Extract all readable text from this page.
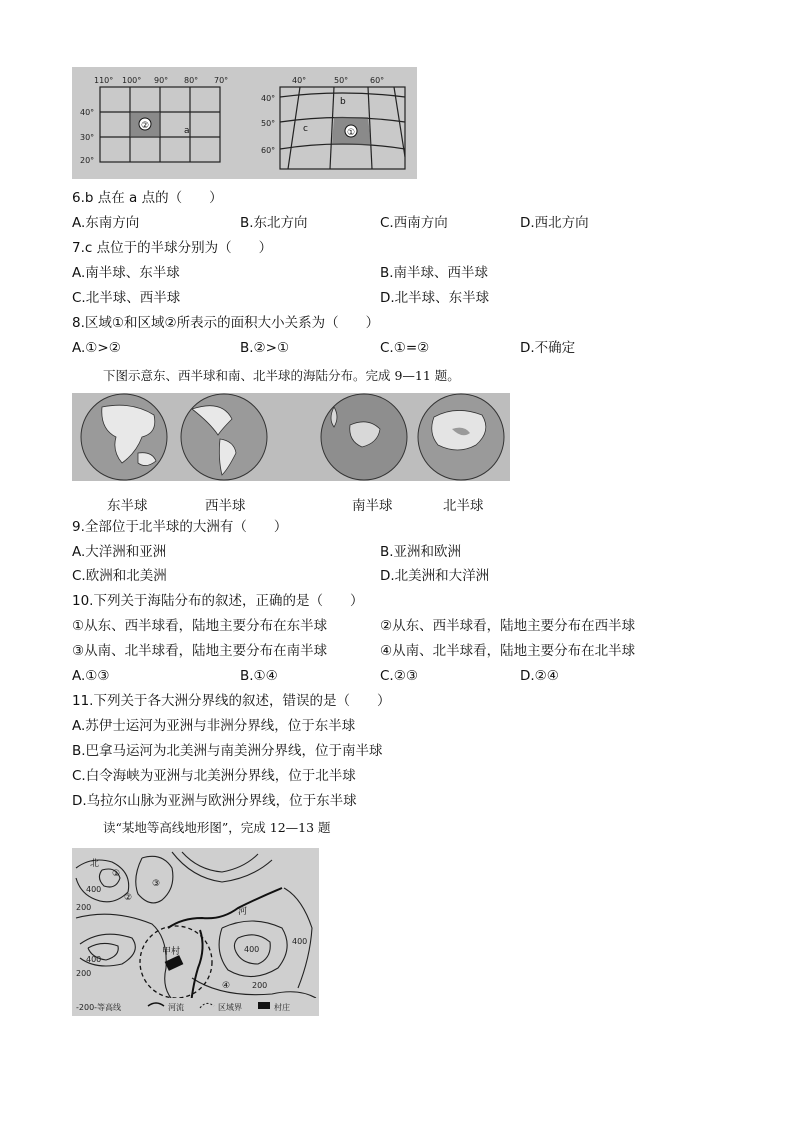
②	a
110° 100° 90° 80° 70°
40°
30°
20°
①
b
c
40°	50°	60°
40°
50°
60°
6.b 点在 a 点的（　　）
A.东南方向	B.东北方向	C.西南方向	D.西北方向
7.c 点位于的半球分别为（　　）
A.南半球、东半球	B.南半球、西半球
C.北半球、西半球	D.北半球、东半球
8.区域①和区域②所表示的面积大小关系为（　　）
A.①>②	B.②>①	C.①=②	D.不确定
下图示意东、西半球和南、北半球的海陆分布。完成 9—11 题。
东半球	西半球	南半球	北半球
9.全部位于北半球的大洲有（　　）
A.大洋洲和亚洲	B.亚洲和欧洲
C.欧洲和北美洲	D.北美洲和大洋洲
10.下列关于海陆分布的叙述，正确的是（　　）
①从东、西半球看，陆地主要分布在东半球	②从东、西半球看，陆地主要分布在西半球
③从南、北半球看，陆地主要分布在南半球	④从南、北半球看，陆地主要分布在北半球
A.①③	B.①④	C.②③	D.②④
11.下列关于各大洲分界线的叙述，错误的是（　　）
A.苏伊士运河为亚洲与非洲分界线，位于东半球
B.巴拿马运河为北美洲与南美洲分界线，位于南半球
C.白令海峡为亚洲与北美洲分界线，位于北半球
D.乌拉尔山脉为亚洲与欧洲分界线，位于东半球
读“某地等高线地形图”，完成 12—13 题
甲村
河
北
①
②
③
④
400
200
400
200
400
400
200
-200-等高线	河流	区域界	村庄
